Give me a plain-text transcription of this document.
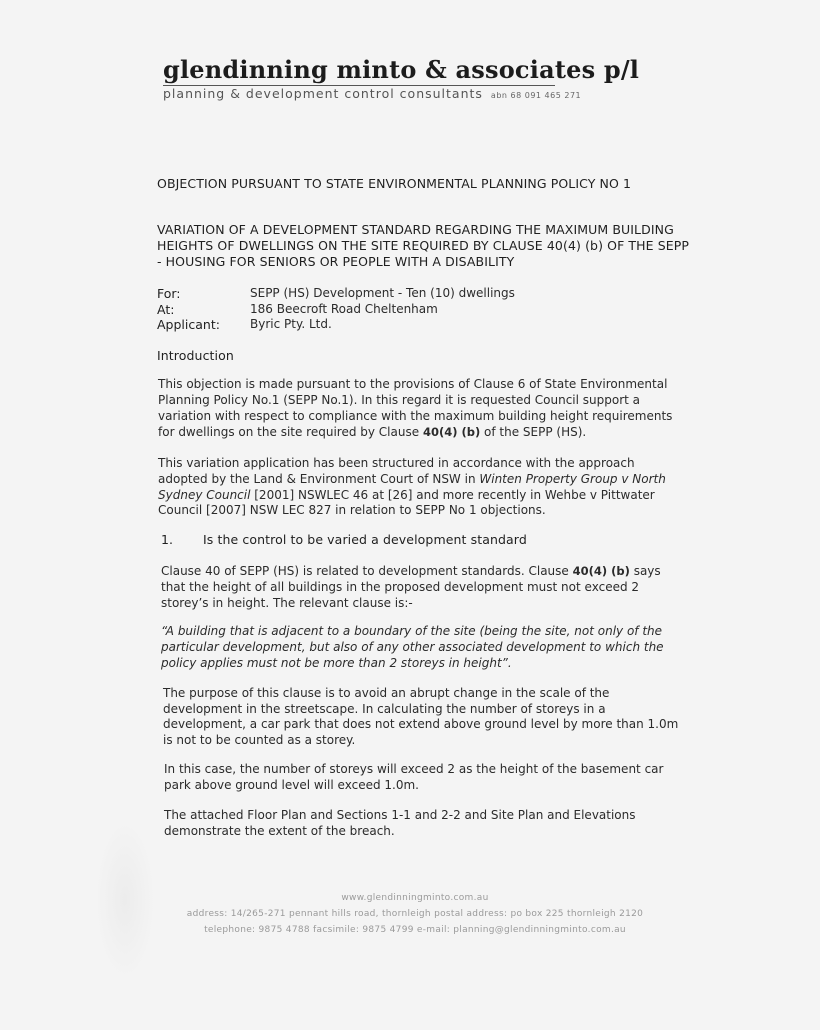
glendinning minto & associates p/l
planning & development control consultants abn 68 091 465 271
OBJECTION PURSUANT TO STATE ENVIRONMENTAL PLANNING POLICY NO 1
VARIATION OF A DEVELOPMENT STANDARD REGARDING THE MAXIMUM BUILDING
HEIGHTS OF DWELLINGS ON THE SITE REQUIRED BY CLAUSE 40(4) (b) OF THE SEPP
- HOUSING FOR SENIORS OR PEOPLE WITH A DISABILITY
For:	SEPP (HS) Development - Ten (10) dwellings
At:	186 Beecroft Road Cheltenham
Applicant:	Byric Pty. Ltd.
Introduction
This objection is made pursuant to the provisions of Clause 6 of State Environmental
Planning Policy No.1 (SEPP No.1). In this regard it is requested Council support a
variation with respect to compliance with the maximum building height requirements
for dwellings on the site required by Clause 40(4) (b) of the SEPP (HS).
This variation application has been structured in accordance with the approach
adopted by the Land & Environment Court of NSW in Winten Property Group v North
Sydney Council [2001] NSWLEC 46 at [26] and more recently in Wehbe v Pittwater
Council [2007] NSW LEC 827 in relation to SEPP No 1 objections.
1. Is the control to be varied a development standard
Clause 40 of SEPP (HS) is related to development standards. Clause 40(4) (b) says
that the height of all buildings in the proposed development must not exceed 2
storey’s in height. The relevant clause is:-
“A building that is adjacent to a boundary of the site (being the site, not only of the
particular development, but also of any other associated development to which the
policy applies must not be more than 2 storeys in height”.
The purpose of this clause is to avoid an abrupt change in the scale of the
development in the streetscape. In calculating the number of storeys in a
development, a car park that does not extend above ground level by more than 1.0m
is not to be counted as a storey.
In this case, the number of storeys will exceed 2 as the height of the basement car
park above ground level will exceed 1.0m.
The attached Floor Plan and Sections 1-1 and 2-2 and Site Plan and Elevations
demonstrate the extent of the breach.
www.glendinningminto.com.au
address: 14/265-271 pennant hills road, thornleigh postal address: po box 225 thornleigh 2120
telephone: 9875 4788 facsimile: 9875 4799 e-mail: planning@glendinningminto.com.au
